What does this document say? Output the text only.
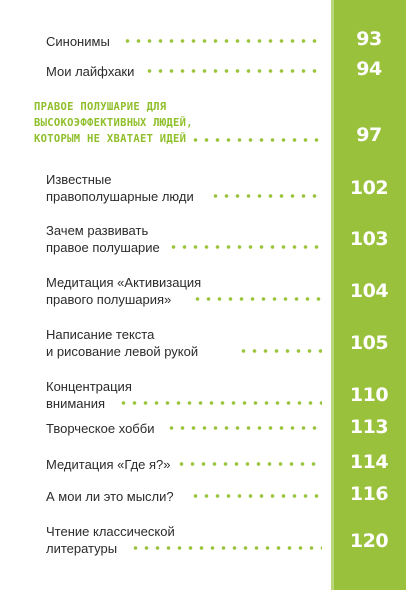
Синонимы	93
Мои лайфхаки	94
ПРАВОЕ ПОЛУШАРИЕ ДЛЯ
ВЫСОКОЭФФЕКТИВНЫХ ЛЮДЕЙ,
КОТОРЫМ НЕ ХВАТАЕТ ИДЕЙ	97
Известные
правополушарные люди	102
Зачем развивать
правое полушарие	103
Медитация «Активизация
правого полушария»	104
Написание текста
и рисование левой рукой	105
Концентрация
внимания	110
Творческое хобби	113
Медитация «Где я?»	114
А мои ли это мысли?	116
Чтение классической
литературы	120
